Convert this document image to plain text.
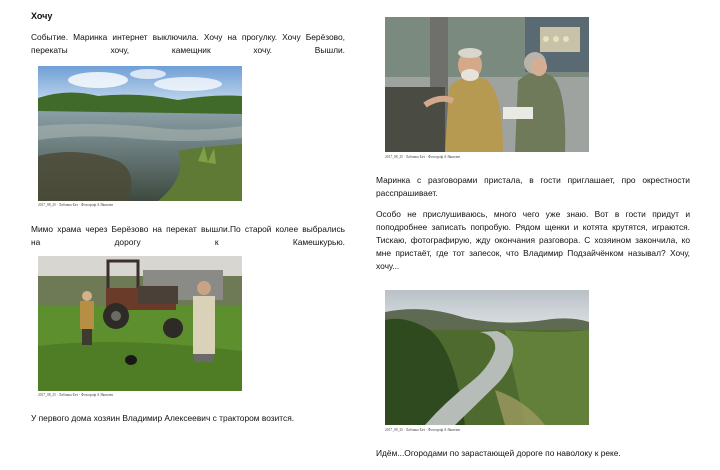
Хочу
Событие. Маринка интернет выключила. Хочу на прогулку. Хочу Берёзово,
перекаты хочу, камещник хочу. Вышли.
2017_08_25 · Лабовка·Без · Фотограф А Яковлев
Мимо храма через Берёзово на перекат вышли.По старой колее выбрались
на дорогу к Камешкурью.
2017_08_25 · Лабовка·Без · Фотограф А Яковлев
У первого дома хозяин Владимир Алексеевич с трактором возится.
2017_08_25 · Лабовка·Без · Фотограф А Яковлев
Маринка с разговорами пристала, в гости приглашает, про окрестности
расспрашивает.
Особо не прислушиваюсь, много чего уже знаю. Вот в гости придут и
поподробнее записать попробую. Рядом щенки и котята крутятся, играются.
Тискаю, фотографирую, жду окончания разговора. С хозяином закончила, ко
мне пристаёт, где тот запесок, что Владимир Подзайчёнком называл? Хочу,
хочу...
2017_08_25 · Лабовка·Без · Фотограф А Яковлев
Идём...Огородами по зарастающей дороге по наволоку к реке.
